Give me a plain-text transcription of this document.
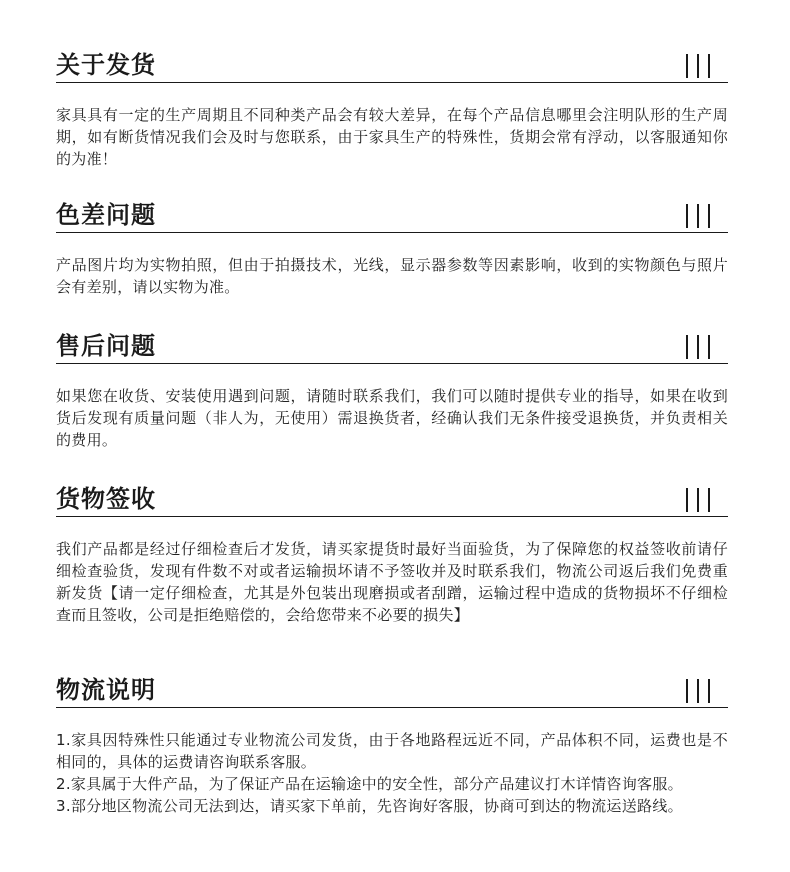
关于发货

家具具有一定的生产周期且不同种类产品会有较大差异，在每个产品信息哪里会注明队形的生产周期，如有断货情况我们会及时与您联系，由于家具生产的特殊性，货期会常有浮动，以客服通知你的为准！

色差问题

产品图片均为实物拍照，但由于拍摄技术，光线，显示器参数等因素影响，收到的实物颜色与照片会有差别，请以实物为准。

售后问题

如果您在收货、安装使用遇到问题，请随时联系我们，我们可以随时提供专业的指导，如果在收到货后发现有质量问题（非人为，无使用）需退换货者，经确认我们无条件接受退换货，并负责相关的费用。

货物签收

我们产品都是经过仔细检查后才发货，请买家提货时最好当面验货，为了保障您的权益签收前请仔细检查验货，发现有件数不对或者运输损坏请不予签收并及时联系我们，物流公司返后我们免费重新发货【请一定仔细检查，尤其是外包装出现磨损或者刮蹭，运输过程中造成的货物损坏不仔细检查而且签收，公司是拒绝赔偿的，会给您带来不必要的损失】

物流说明

1.家具因特殊性只能通过专业物流公司发货，由于各地路程远近不同，产品体积不同，运费也是不相同的，具体的运费请咨询联系客服。

2.家具属于大件产品，为了保证产品在运输途中的安全性，部分产品建议打木详情咨询客服。

3.部分地区物流公司无法到达，请买家下单前，先咨询好客服，协商可到达的物流运送路线。
